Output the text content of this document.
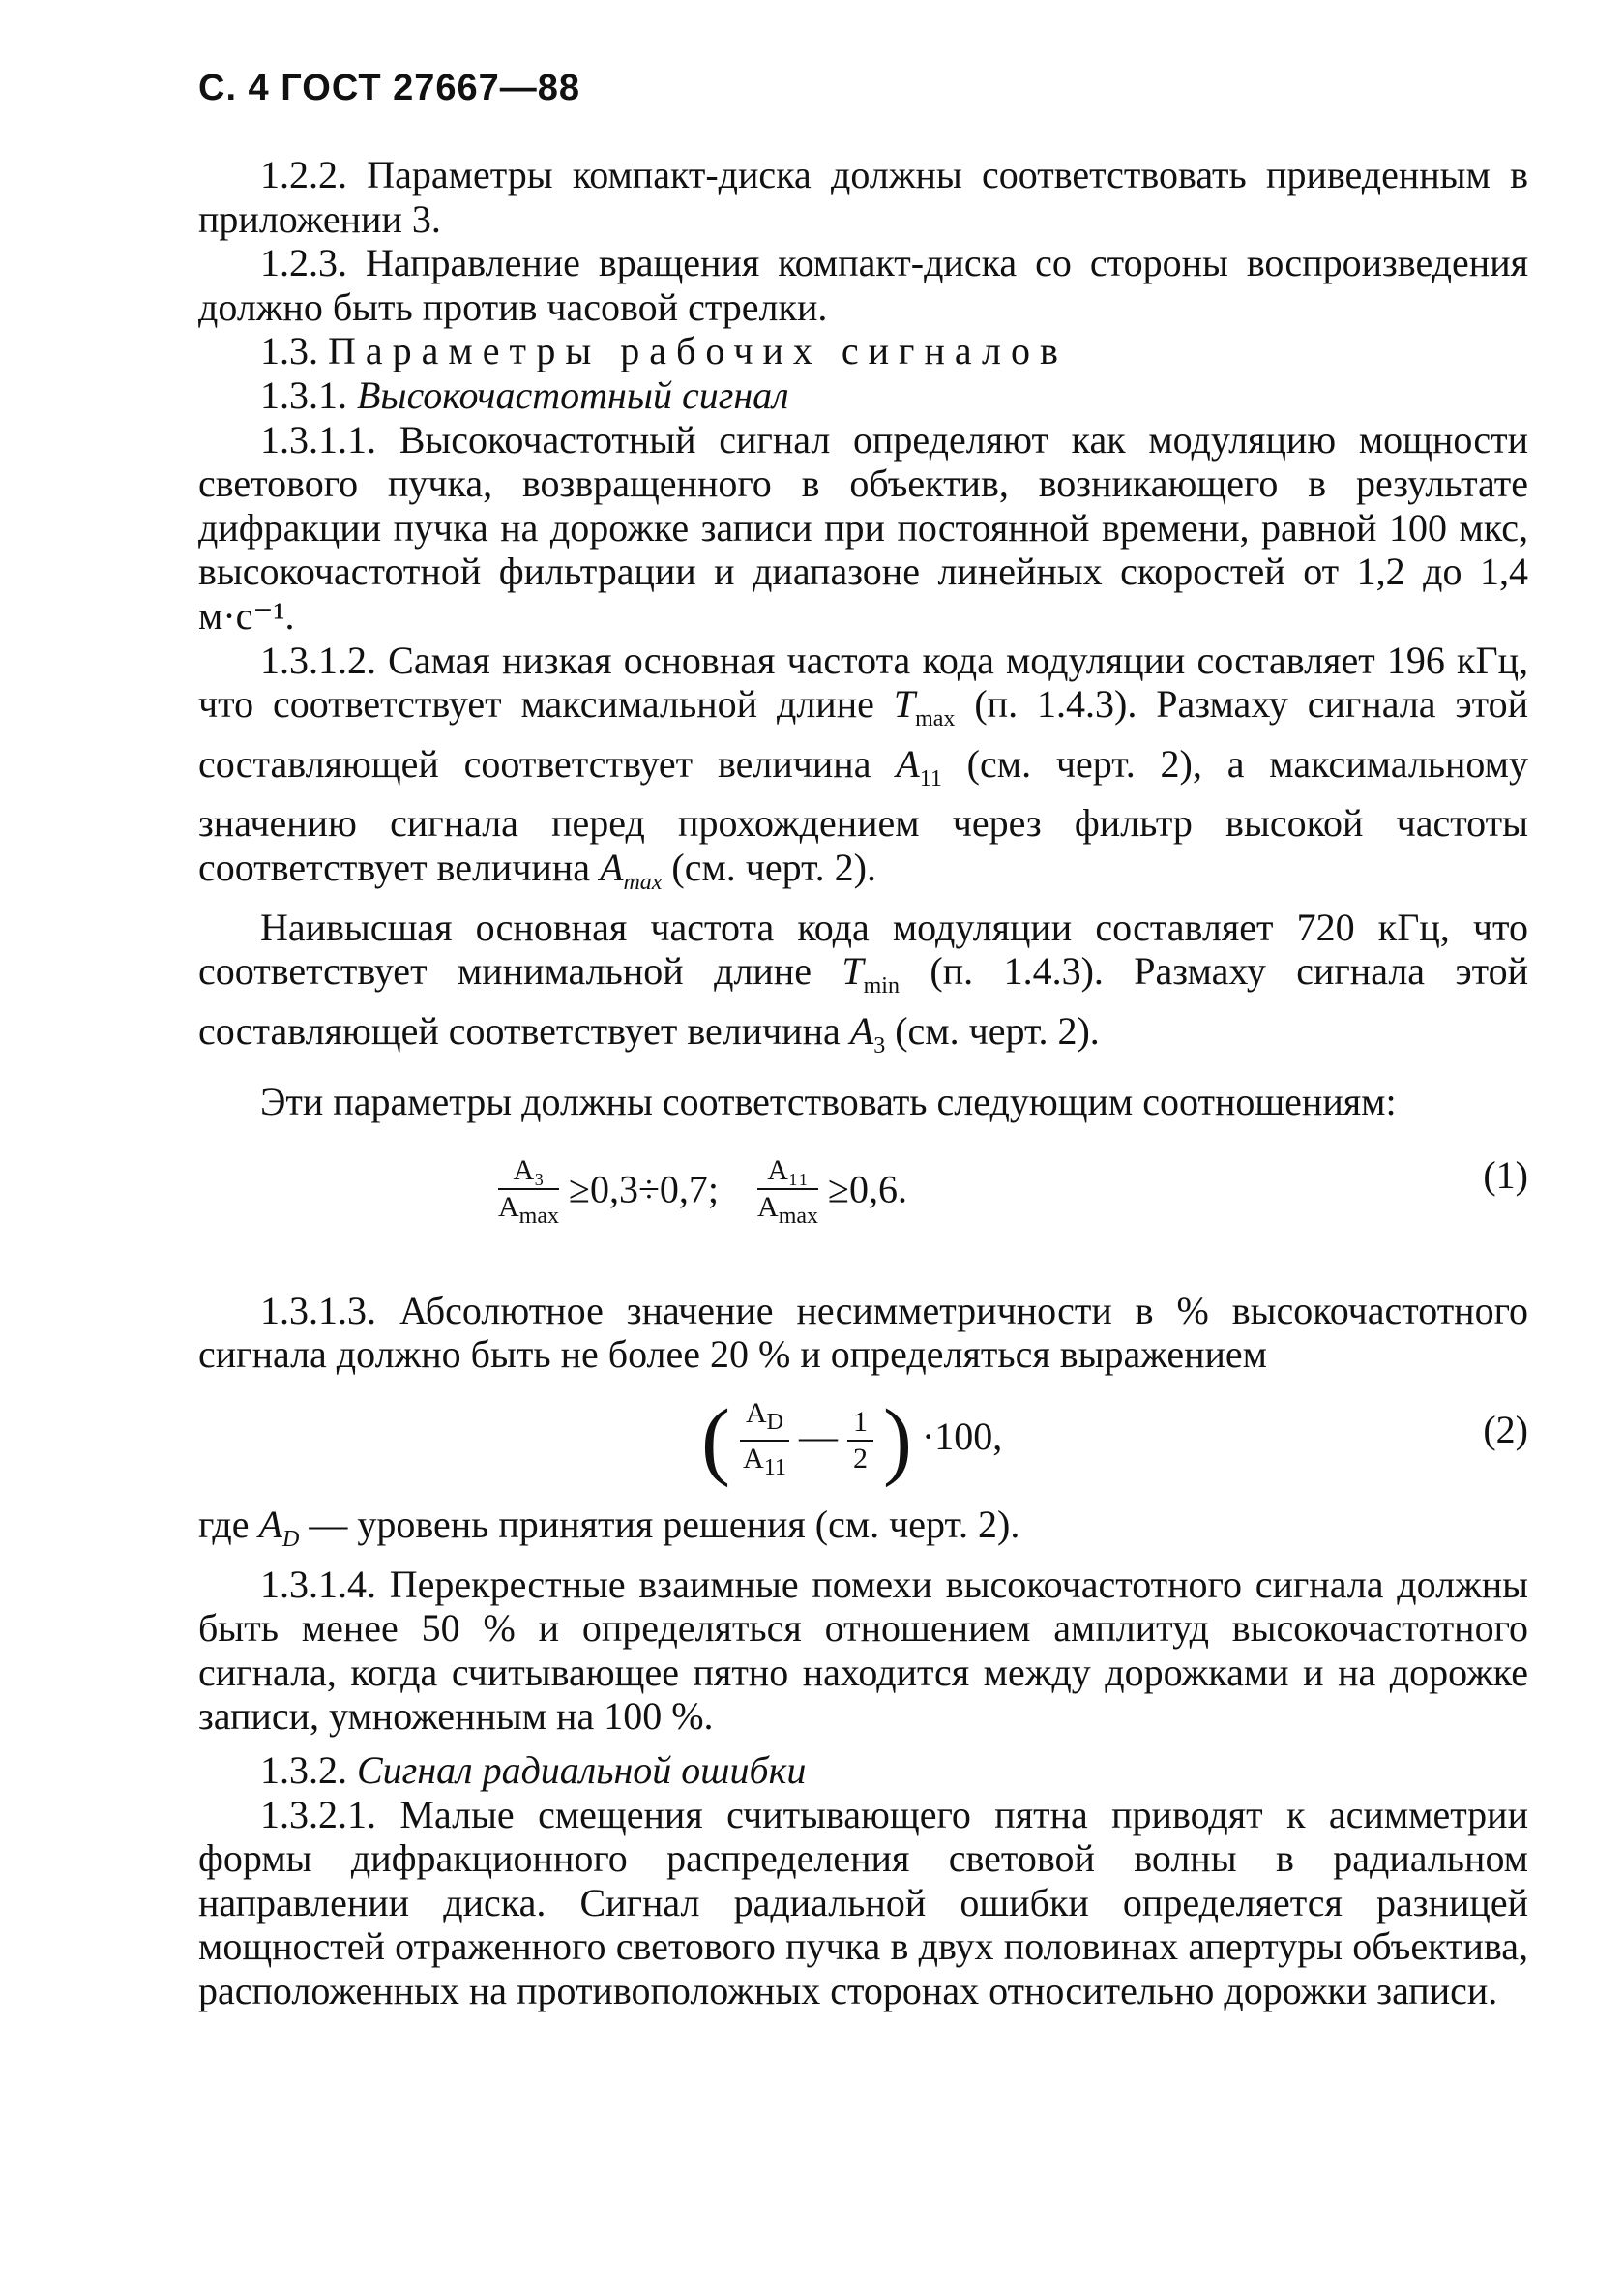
С. 4 ГОСТ 27667—88

1.2.2. Параметры компакт-диска должны соответствовать приведенным в приложении 3.

1.2.3. Направление вращения компакт-диска со стороны воспроизведения должно быть против часовой стрелки.

1.3. Параметры рабочих сигналов

1.3.1. Высокочастотный сигнал

1.3.1.1. Высокочастотный сигнал определяют как модуляцию мощности светового пучка, возвращенного в объектив, возникающего в результате дифракции пучка на дорожке записи при постоянной времени, равной 100 мкс, высокочастотной фильтрации и диапазоне линейных скоростей от 1,2 до 1,4 м·с⁻¹.

1.3.1.2. Самая низкая основная частота кода модуляции составляет 196 кГц, что соответствует максимальной длине $T_{max}$ (п. 1.4.3). Размаху сигнала этой составляющей соответствует величина $A_{11}$ (см. черт. 2), а максимальному значению сигнала перед прохождением через фильтр высокой частоты соответствует величина $A_{max}$ (см. черт. 2).

Наивысшая основная частота кода модуляции составляет 720 кГц, что соответствует минимальной длине $T_{min}$ (п. 1.4.3). Размаху сигнала этой составляющей соответствует величина $A_3$ (см. черт. 2).

Эти параметры должны соответствовать следующим соотношениям:

$\frac{\text{A₃}}{A_{max}} \ge 0,3\div 0,7$; $\frac{\text{A₁₁}}{A_{max}} \ge 0,6$.	(1)

1.3.1.3. Абсолютное значение несимметричности в % высокочастотного сигнала должно быть не более 20 % и определяться выражением

( $\frac{A_D}{A_{11}}$ — $\frac{1}{2}$ ) ·100,	(2)

где $A_D$ — уровень принятия решения (см. черт. 2).

1.3.1.4. Перекрестные взаимные помехи высокочастотного сигнала должны быть менее 50 % и определяться отношением амплитуд высокочастотного сигнала, когда считывающее пятно находится между дорожками и на дорожке записи, умноженным на 100 %.

1.3.2. Сигнал радиальной ошибки

1.3.2.1. Малые смещения считывающего пятна приводят к асимметрии формы дифракционного распределения световой волны в радиальном направлении диска. Сигнал радиальной ошибки определяется разницей мощностей отраженного светового пучка в двух половинах апертуры объектива, расположенных на противоположных сторонах относительно дорожки записи.
